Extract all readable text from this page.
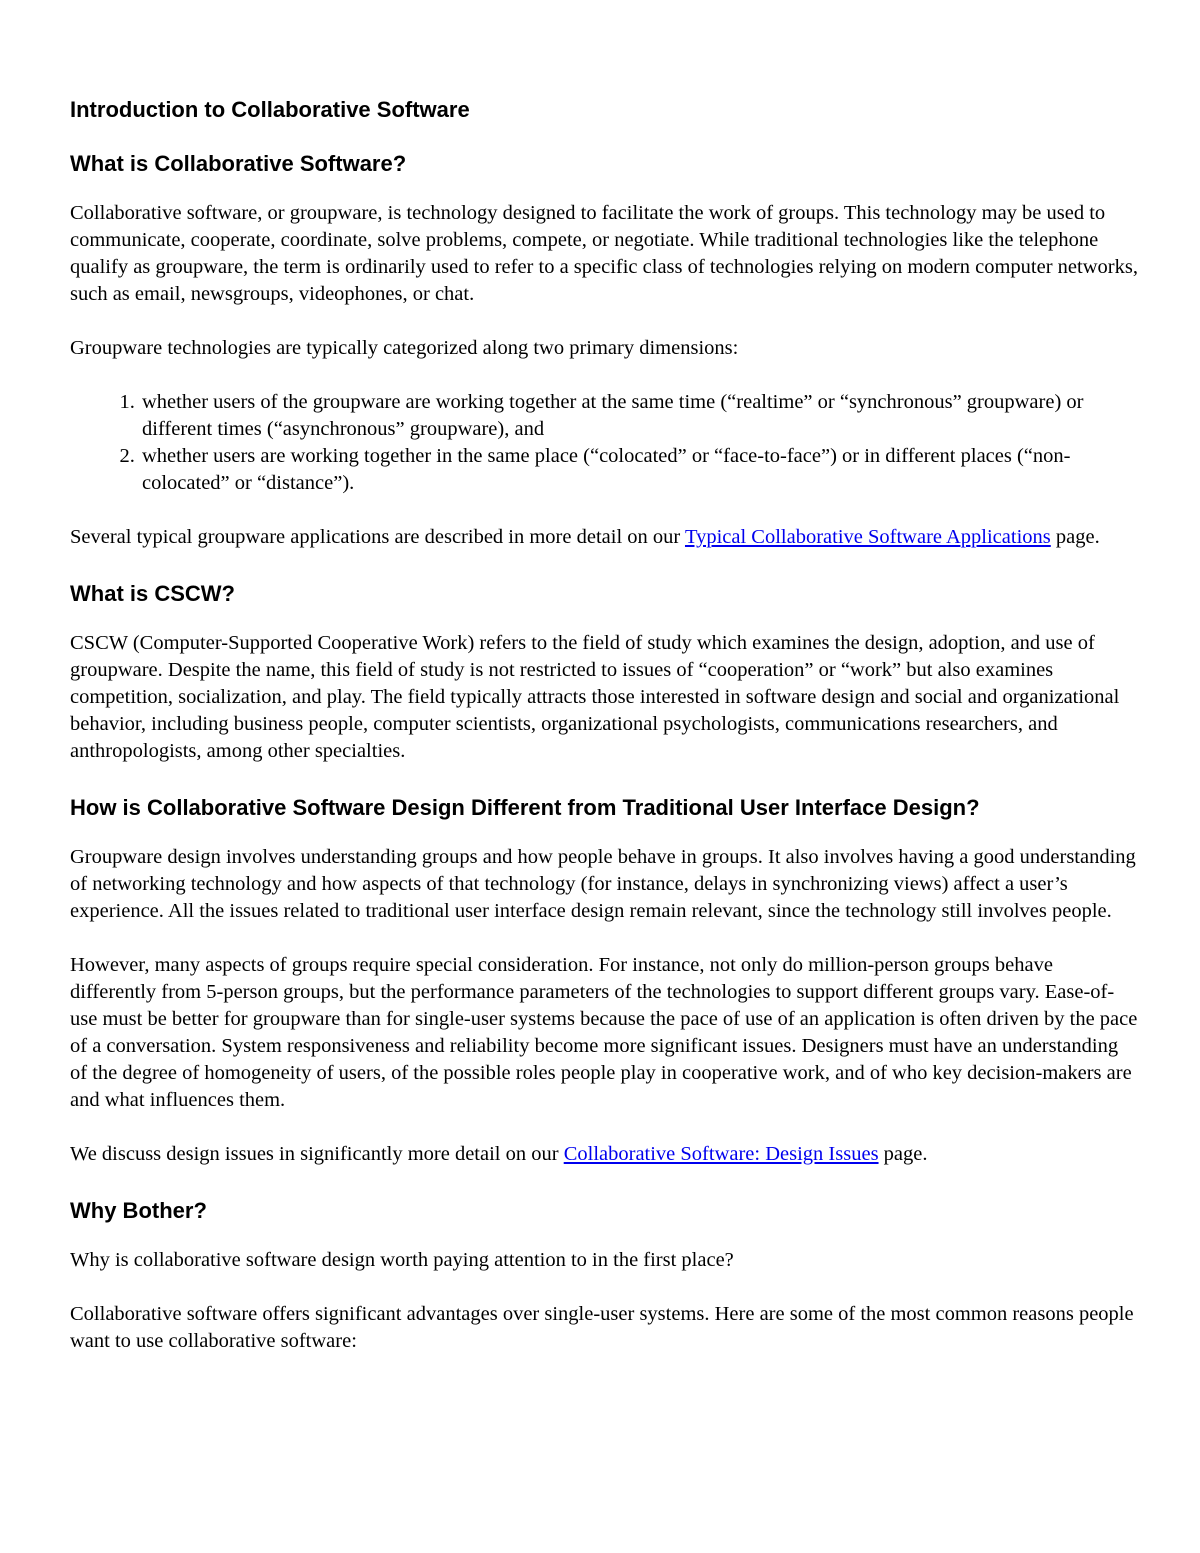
Introduction to Collaborative Software
What is Collaborative Software?

Collaborative software, or groupware, is technology designed to facilitate the work of groups. This technology may be used to communicate, cooperate, coordinate, solve problems, compete, or negotiate. While traditional technologies like the telephone qualify as groupware, the term is ordinarily used to refer to a specific class of technologies relying on modern computer networks, such as email, newsgroups, videophones, or chat.

Groupware technologies are typically categorized along two primary dimensions:

1. whether users of the groupware are working together at the same time (“realtime” or “synchronous” groupware) or different times (“asynchronous” groupware), and
2. whether users are working together in the same place (“colocated” or “face-to-face”) or in different places (“non-colocated” or “distance”).

Several typical groupware applications are described in more detail on our Typical Collaborative Software Applications page.

What is CSCW?

CSCW (Computer-Supported Cooperative Work) refers to the field of study which examines the design, adoption, and use of groupware. Despite the name, this field of study is not restricted to issues of “cooperation” or “work” but also examines competition, socialization, and play. The field typically attracts those interested in software design and social and organizational behavior, including business people, computer scientists, organizational psychologists, communications researchers, and anthropologists, among other specialties.

How is Collaborative Software Design Different from Traditional User Interface Design?

Groupware design involves understanding groups and how people behave in groups. It also involves having a good understanding of networking technology and how aspects of that technology (for instance, delays in synchronizing views) affect a user’s experience. All the issues related to traditional user interface design remain relevant, since the technology still involves people.

However, many aspects of groups require special consideration. For instance, not only do million-person groups behave differently from 5-person groups, but the performance parameters of the technologies to support different groups vary. Ease-of-use must be better for groupware than for single-user systems because the pace of use of an application is often driven by the pace of a conversation. System responsiveness and reliability become more significant issues. Designers must have an understanding of the degree of homogeneity of users, of the possible roles people play in cooperative work, and of who key decision-makers are and what influences them.

We discuss design issues in significantly more detail on our Collaborative Software: Design Issues page.

Why Bother?

Why is collaborative software design worth paying attention to in the first place?

Collaborative software offers significant advantages over single-user systems. Here are some of the most common reasons people want to use collaborative software:
